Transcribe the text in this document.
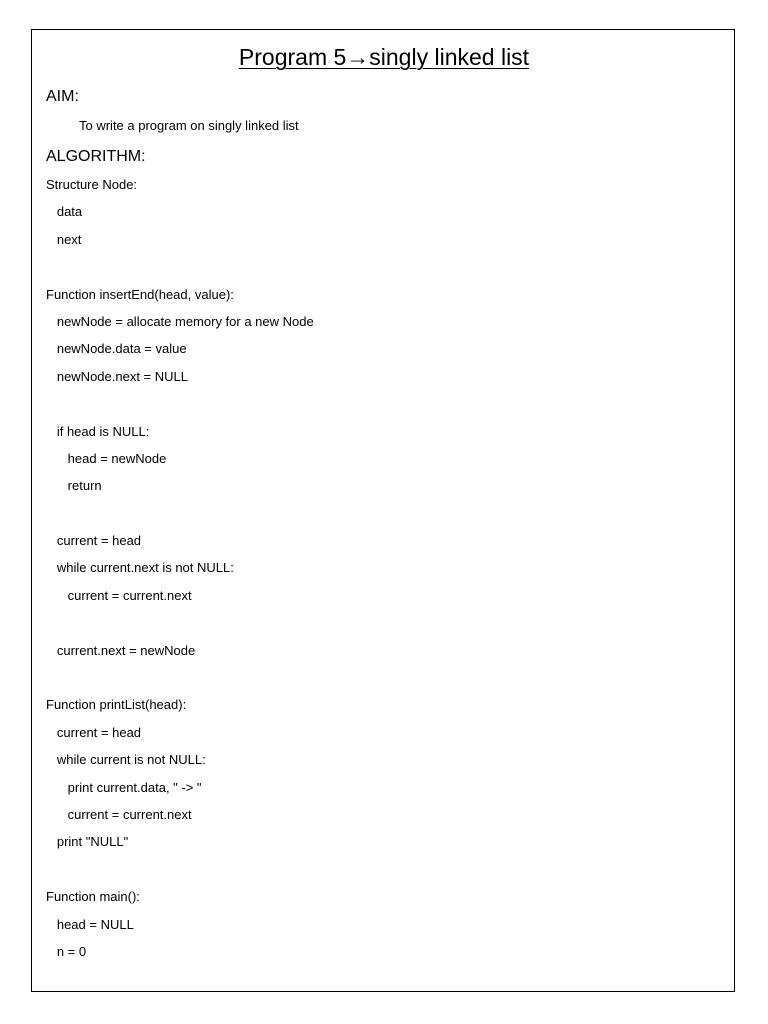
Program 5→singly linked list
AIM:

To write a program on singly linked list

ALGORITHM:
Structure Node:
data
next
Function insertEnd(head, value):
newNode = allocate memory for a new Node
newNode.data = value
newNode.next = NULL
if head is NULL:
head = newNode
return
current = head
while current.next is not NULL:
current = current.next
current.next = newNode
Function printList(head):
current = head
while current is not NULL:
print current.data, " -> "
current = current.next
print "NULL"
Function main():
head = NULL
n = 0
